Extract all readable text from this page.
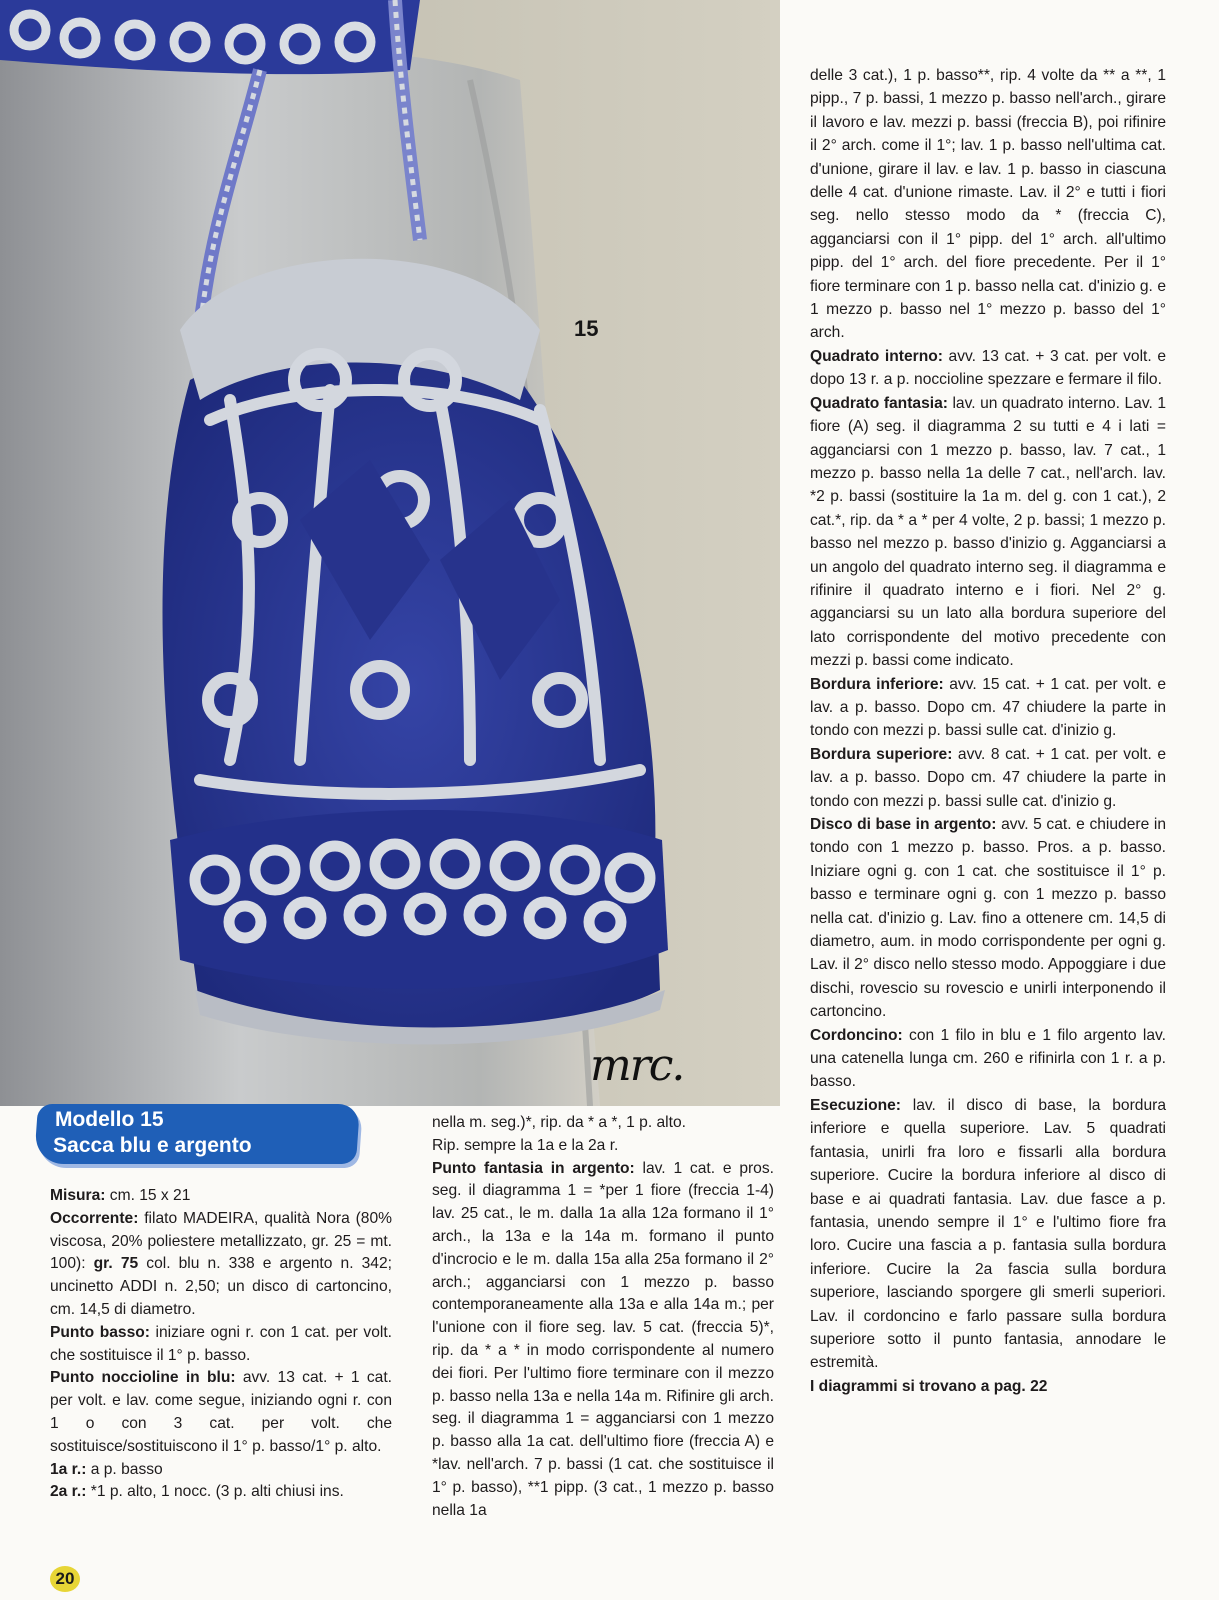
15
mrc.

delle 3 cat.), 1 p. basso**, rip. 4 volte da ** a **, 1 pipp., 7 p. bassi, 1 mezzo p. basso nell'arch., girare il lavoro e lav. mezzi p. bassi (freccia B), poi rifinire il 2° arch. come il 1°; lav. 1 p. basso nell'ultima cat. d'unione, girare il lav. e lav. 1 p. basso in ciascuna delle 4 cat. d'unione rimaste. Lav. il 2° e tutti i fiori seg. nello stesso modo da * (freccia C), agganciarsi con il 1° pipp. del 1° arch. all'ultimo pipp. del 1° arch. del fiore precedente. Per il 1° fiore terminare con 1 p. basso nella cat. d'inizio g. e 1 mezzo p. basso nel 1° mezzo p. basso del 1° arch.

Quadrato interno: avv. 13 cat. + 3 cat. per volt. e dopo 13 r. a p. noccioline spezzare e fermare il filo.

Quadrato fantasia: lav. un quadrato interno. Lav. 1 fiore (A) seg. il diagramma 2 su tutti e 4 i lati = agganciarsi con 1 mezzo p. basso, lav. 7 cat., 1 mezzo p. basso nella 1a delle 7 cat., nell'arch. lav. *2 p. bassi (sostituire la 1a m. del g. con 1 cat.), 2 cat.*, rip. da * a * per 4 volte, 2 p. bassi; 1 mezzo p. basso nel mezzo p. basso d'inizio g. Agganciarsi a un angolo del quadrato interno seg. il diagramma e rifinire il quadrato interno e i fiori. Nel 2° g. agganciarsi su un lato alla bordura superiore del lato corrispondente del motivo precedente con mezzi p. bassi come indicato.

Bordura inferiore: avv. 15 cat. + 1 cat. per volt. e lav. a p. basso. Dopo cm. 47 chiudere la parte in tondo con mezzi p. bassi sulle cat. d'inizio g.

Bordura superiore: avv. 8 cat. + 1 cat. per volt. e lav. a p. basso. Dopo cm. 47 chiudere la parte in tondo con mezzi p. bassi sulle cat. d'inizio g.

Disco di base in argento: avv. 5 cat. e chiudere in tondo con 1 mezzo p. basso. Pros. a p. basso. Iniziare ogni g. con 1 cat. che sostituisce il 1° p. basso e terminare ogni g. con 1 mezzo p. basso nella cat. d'inizio g. Lav. fino a ottenere cm. 14,5 di diametro, aum. in modo corrispondente per ogni g. Lav. il 2° disco nello stesso modo. Appoggiare i due dischi, rovescio su rovescio e unirli interponendo il cartoncino.

Cordoncino: con 1 filo in blu e 1 filo argento lav. una catenella lunga cm. 260 e rifinirla con 1 r. a p. basso.

Esecuzione: lav. il disco di base, la bordura inferiore e quella superiore. Lav. 5 quadrati fantasia, unirli fra loro e fissarli alla bordura superiore. Cucire la bordura inferiore al disco di base e ai quadrati fantasia. Lav. due fasce a p. fantasia, unendo sempre il 1° e l'ultimo fiore fra loro. Cucire una fascia a p. fantasia sulla bordura inferiore. Cucire la 2a fascia sulla bordura superiore, lasciando sporgere gli smerli superiori. Lav. il cordoncino e farlo passare sulla bordura superiore sotto il punto fantasia, annodare le estremità.

I diagrammi si trovano a pag. 22

Modello 15
Sacca blu e argento

Misura: cm. 15 x 21

Occorrente: filato MADEIRA, qualità Nora (80% viscosa, 20% poliestere metallizzato, gr. 25 = mt. 100): gr. 75 col. blu n. 338 e argento n. 342; uncinetto ADDI n. 2,50; un disco di cartoncino, cm. 14,5 di diametro.

Punto basso: iniziare ogni r. con 1 cat. per volt. che sostituisce il 1° p. basso.

Punto noccioline in blu: avv. 13 cat. + 1 cat. per volt. e lav. come segue, iniziando ogni r. con 1 o con 3 cat. per volt. che sostituisce/sostituiscono il 1° p. basso/1° p. alto.

1a r.: a p. basso

2a r.: *1 p. alto, 1 nocc. (3 p. alti chiusi ins.

nella m. seg.)*, rip. da * a *, 1 p. alto.

Rip. sempre la 1a e la 2a r.

Punto fantasia in argento: lav. 1 cat. e pros. seg. il diagramma 1 = *per 1 fiore (freccia 1-4) lav. 25 cat., le m. dalla 1a alla 12a formano il 1° arch., la 13a e la 14a m. formano il punto d'incrocio e le m. dalla 15a alla 25a formano il 2° arch.; agganciarsi con 1 mezzo p. basso contemporaneamente alla 13a e alla 14a m.; per l'unione con il fiore seg. lav. 5 cat. (freccia 5)*, rip. da * a * in modo corrispondente al numero dei fiori. Per l'ultimo fiore terminare con il mezzo p. basso nella 13a e nella 14a m. Rifinire gli arch. seg. il diagramma 1 = agganciarsi con 1 mezzo p. basso alla 1a cat. dell'ultimo fiore (freccia A) e *lav. nell'arch. 7 p. bassi (1 cat. che sostituisce il 1° p. basso), **1 pipp. (3 cat., 1 mezzo p. basso nella 1a

20
